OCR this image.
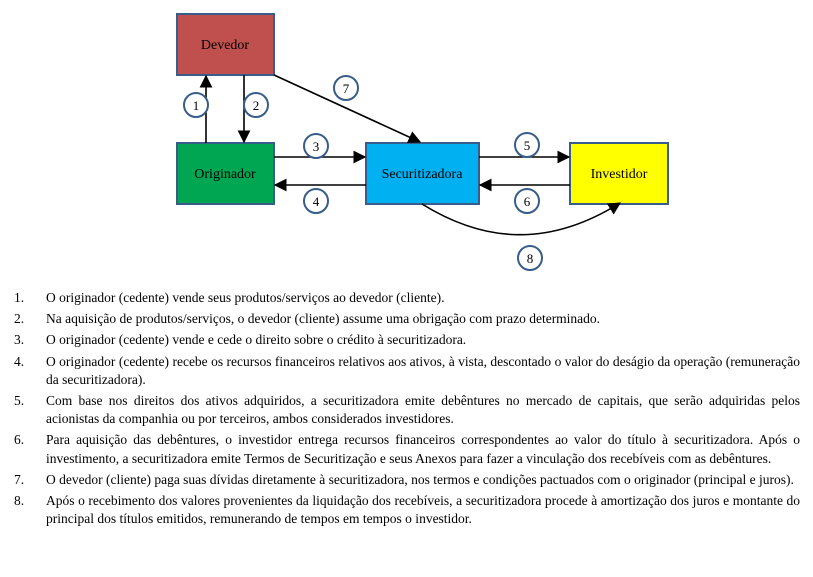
Devedor
Originador	Securitizadora	Investidor
1	2
3
4
5
6
7
8
1. O originador (cedente) vende seus produtos/serviços ao devedor (cliente).
2. Na aquisição de produtos/serviços, o devedor (cliente) assume uma obrigação com prazo determinado.
3. O originador (cedente) vende e cede o direito sobre o crédito à securitizadora.
4. O originador (cedente) recebe os recursos financeiros relativos aos ativos, à vista, descontado o valor do deságio da operação (remuneração da securitizadora).
5. Com base nos direitos dos ativos adquiridos, a securitizadora emite debêntures no mercado de capitais, que serão adquiridas pelos acionistas da companhia ou por terceiros, ambos considerados investidores.
6. Para aquisição das debêntures, o investidor entrega recursos financeiros correspondentes ao valor do título à securitizadora. Após o investimento, a securitizadora emite Termos de Securitização e seus Anexos para fazer a vinculação dos recebíveis com as debêntures.
7. O devedor (cliente) paga suas dívidas diretamente à securitizadora, nos termos e condições pactuados com o originador (principal e juros).
8. Após o recebimento dos valores provenientes da liquidação dos recebíveis, a securitizadora procede à amortização dos juros e montante do principal dos títulos emitidos, remunerando de tempos em tempos o investidor.
